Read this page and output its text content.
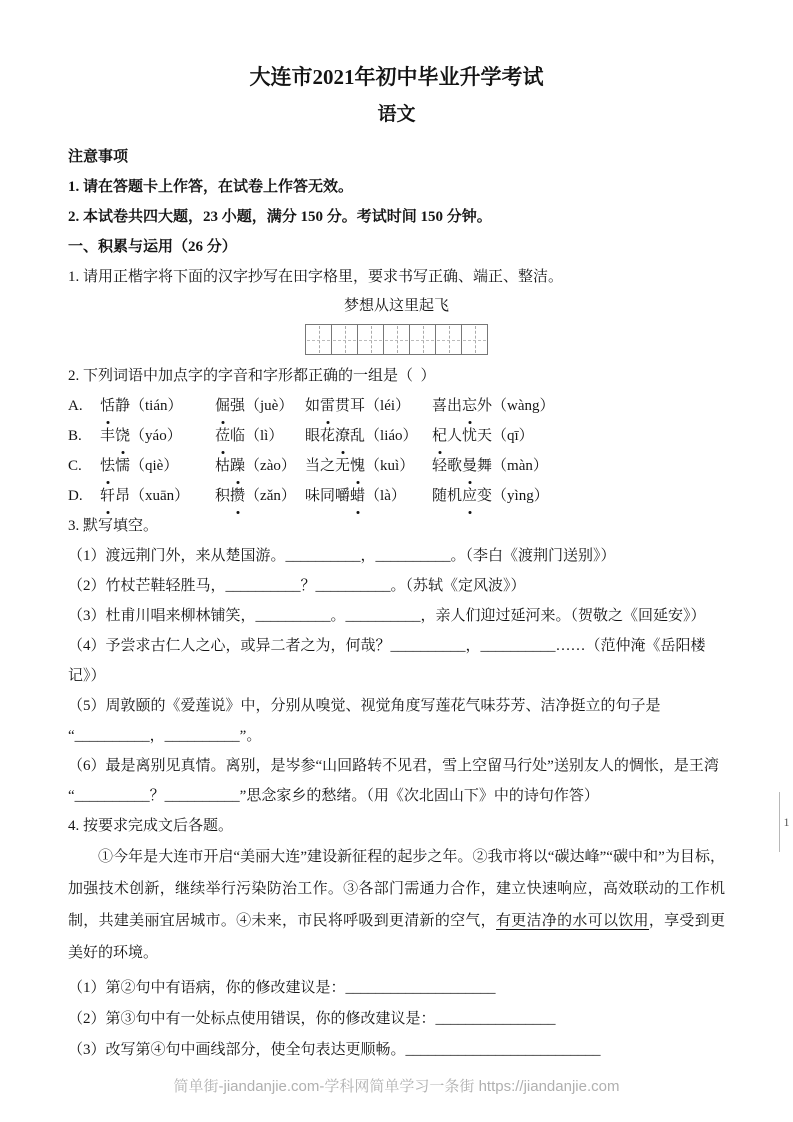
1
大连市2021年初中毕业升学考试
语文

注意事项

1. 请在答题卡上作答，在试卷上作答无效。

2. 本试卷共四大题，23 小题，满分 150 分。考试时间 150 分钟。

一、积累与运用（26 分）

1. 请用正楷字将下面的汉字抄写在田字格里，要求书写正确、端正、整洁。

梦想从这里起飞

2. 下列词语中加点字的字音和字形都正确的一组是（  ）

A.	恬静（tián）	倔强（juè） 如雷贯耳（léi）	喜出忘外（wàng）
B.	丰饶（yáo）	莅临（lì）	眼花潦乱（liáo） 杞人忧天（qī）
C.	怯懦（qiè）	枯躁（zào） 当之无愧（kuì）	轻歌曼舞（màn）
D.	轩昂（xuān）	积攒（zǎn） 味同嚼蜡（là）	随机应变（yìng）

3. 默写填空。

（1）渡远荆门外，来从楚国游。__________，__________。（李白《渡荆门送别》）

（2）竹杖芒鞋轻胜马，__________？__________。（苏轼《定风波》）

（3）杜甫川唱来柳林铺笑，__________。__________，亲人们迎过延河来。（贺敬之《回延安》）

（4）予尝求古仁人之心，或异二者之为，何哉？__________，__________……（范仲淹《岳阳楼记》）

（5）周敦颐的《爱莲说》中，分别从嗅觉、视觉角度写莲花气味芬芳、洁净挺立的句子是“__________，__________”。

（6）最是离别见真情。离别，是岑参“山回路转不见君，雪上空留马行处”送别友人的惆怅，是王湾“__________？__________”思念家乡的愁绪。（用《次北固山下》中的诗句作答）

4. 按要求完成文后各题。

①今年是大连市开启“美丽大连”建设新征程的起步之年。②我市将以“碳达峰”“碳中和”为目标，加强技术创新，继续举行污染防治工作。③各部门需通力合作，建立快速响应，高效联动的工作机制，共建美丽宜居城市。④未来，市民将呼吸到更清新的空气，有更洁净的水可以饮用，享受到更美好的环境。

（1）第②句中有语病，你的修改建议是：____________________

（2）第③句中有一处标点使用错误，你的修改建议是：________________

（3）改写第④句中画线部分，使全句表达更顺畅。__________________________

简单街-jiandanjie.com-学科网简单学习一条街 https://jiandanjie.com
